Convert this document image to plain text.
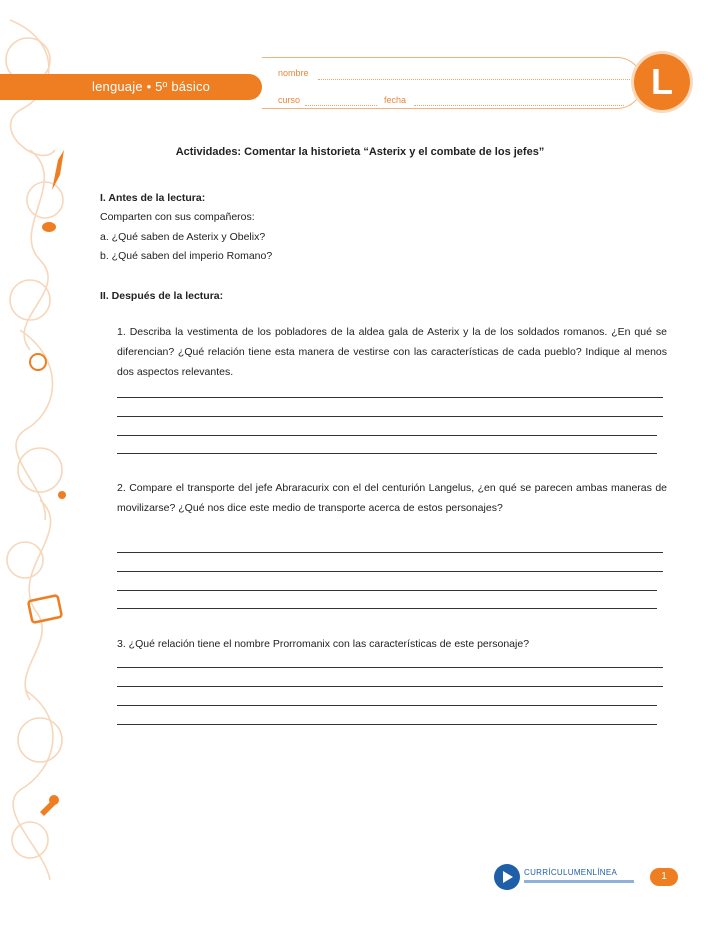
lenguaje • 5º básico
nombre
curso	fecha	L
Actividades: Comentar la historieta “Asterix y el combate de los jefes”
I. Antes de la lectura:
Comparten con sus compañeros:
a. ¿Qué saben de Asterix y Obelix?
b. ¿Qué saben del imperio Romano?
II. Después de la lectura:
1. Describa la vestimenta de los pobladores de la aldea gala de Asterix y la de los soldados romanos. ¿En qué se diferencian? ¿Qué relación tiene esta manera de vestirse con las características de cada pueblo? Indique al menos dos aspectos relevantes.
2. Compare el transporte del jefe Abraracurix con el del centurión Langelus, ¿en qué se parecen ambas maneras de movilizarse? ¿Qué nos dice este medio de transporte acerca de estos personajes?
3. ¿Qué relación tiene el nombre Prorromanix con las características de este personaje?
CURRÍCULUMENLÍNEA	1
